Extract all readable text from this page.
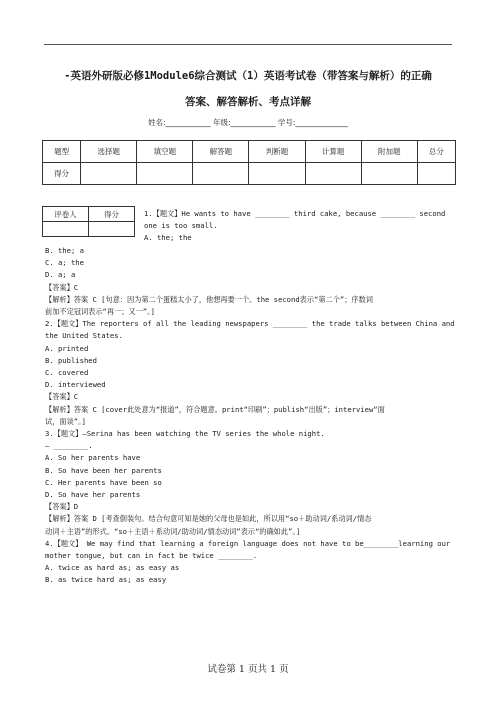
-英语外研版必修1Module6综合测试（1）英语考试卷（带答案与解析）的正确
答案、解答解析、考点详解
姓名:____________ 年级:____________ 学号:______________
题型	选择题	填空题	解答题	判断题	计算题	附加题	总分
得分							
评卷人	得分
		1.【题文】He wants to have ________ third cake, because ________ second
one is too small.
A. the; the
B. the; a
C. a; the
D. a; a
【答案】C
【解析】答案 C [句意：因为第二个蛋糕太小了，他想再要一个。the second表示“第二个”；序数词
前加不定冠词表示“再一；又一”。]
2.【题文】The reporters of all the leading newspapers ________ the trade talks between China and
the United States.
A. printed
B. published
C. covered
D. interviewed
【答案】C
【解析】答案 C [cover此处意为“报道”，符合题意。print“印刷”；publish“出版”；interview“面
试，面谈”。]
3.【题文】—Serina has been watching the TV series the whole night.
— ________.
A. So her parents have
B. So have been her parents
C. Her parents have been so
D. So have her parents
【答案】D
【解析】答案 D [考查倒装句。结合句意可知是她的父母也是如此，所以用“so＋助动词/系动词/情态
动词＋主语”的形式。“so＋主语＋系动词/助动词/情态动词”表示“的确如此”。]
4.【题文】 We may find that learning a foreign language does not have to be________learning our
mother tongue, but can in fact be twice ________.
A. twice as hard as; as easy as
B. as twice hard as; as easy
试卷第 1 页共 1 页
